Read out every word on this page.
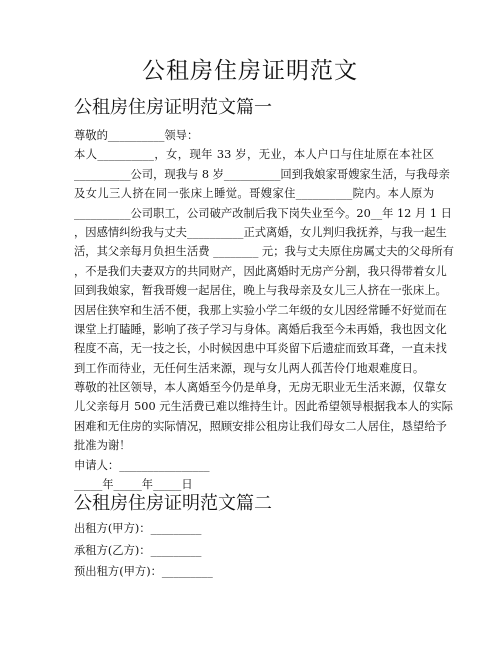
公租房住房证明范文
公租房住房证明范文篇一
尊敬的__________领导：
本人__________，女，现年 33 岁，无业，本人户口与住址原在本社区
__________公司，现我与 8 岁__________回到我娘家哥嫂家生活，与我母亲
及女儿三人挤在同一张床上睡觉。哥嫂家住__________院内。本人原为
__________公司职工，公司破产改制后我下岗失业至今。20__年 12 月 1 日
，因感情纠纷我与丈夫__________正式离婚，女儿判归我抚养，与我一起生
活，其父亲每月负担生活费 ________ 元；我与丈夫原住房属丈夫的父母所有
，不是我们夫妻双方的共同财产，因此离婚时无房产分割，我只得带着女儿
回到我娘家，暂我哥嫂一起居住，晚上与我母亲及女儿三人挤在一张床上。
因居住狭窄和生活不便，我那上实验小学二年级的女儿因经常睡不好觉而在
课堂上打瞌睡，影响了孩子学习与身体。离婚后我至今未再婚，我也因文化
程度不高，无一技之长，小时候因患中耳炎留下后遗症而致耳聋，一直未找
到工作而待业，无任何生活来源，现与女儿两人孤苦伶仃地艰难度日。
尊敬的社区领导，本人离婚至今仍是单身，无房无职业无生活来源，仅靠女
儿父亲每月 500 元生活费已难以维持生计。因此希望领导根据我本人的实际
困难和无住房的实际情况，照顾安排公租房让我们母女二人居住，恳望给予
批准为谢！
申请人：________________
_____年_____年_____日
公租房住房证明范文篇二
出租方(甲方)：_________
承租方(乙方)：_________
预出租方(甲方)：_________
